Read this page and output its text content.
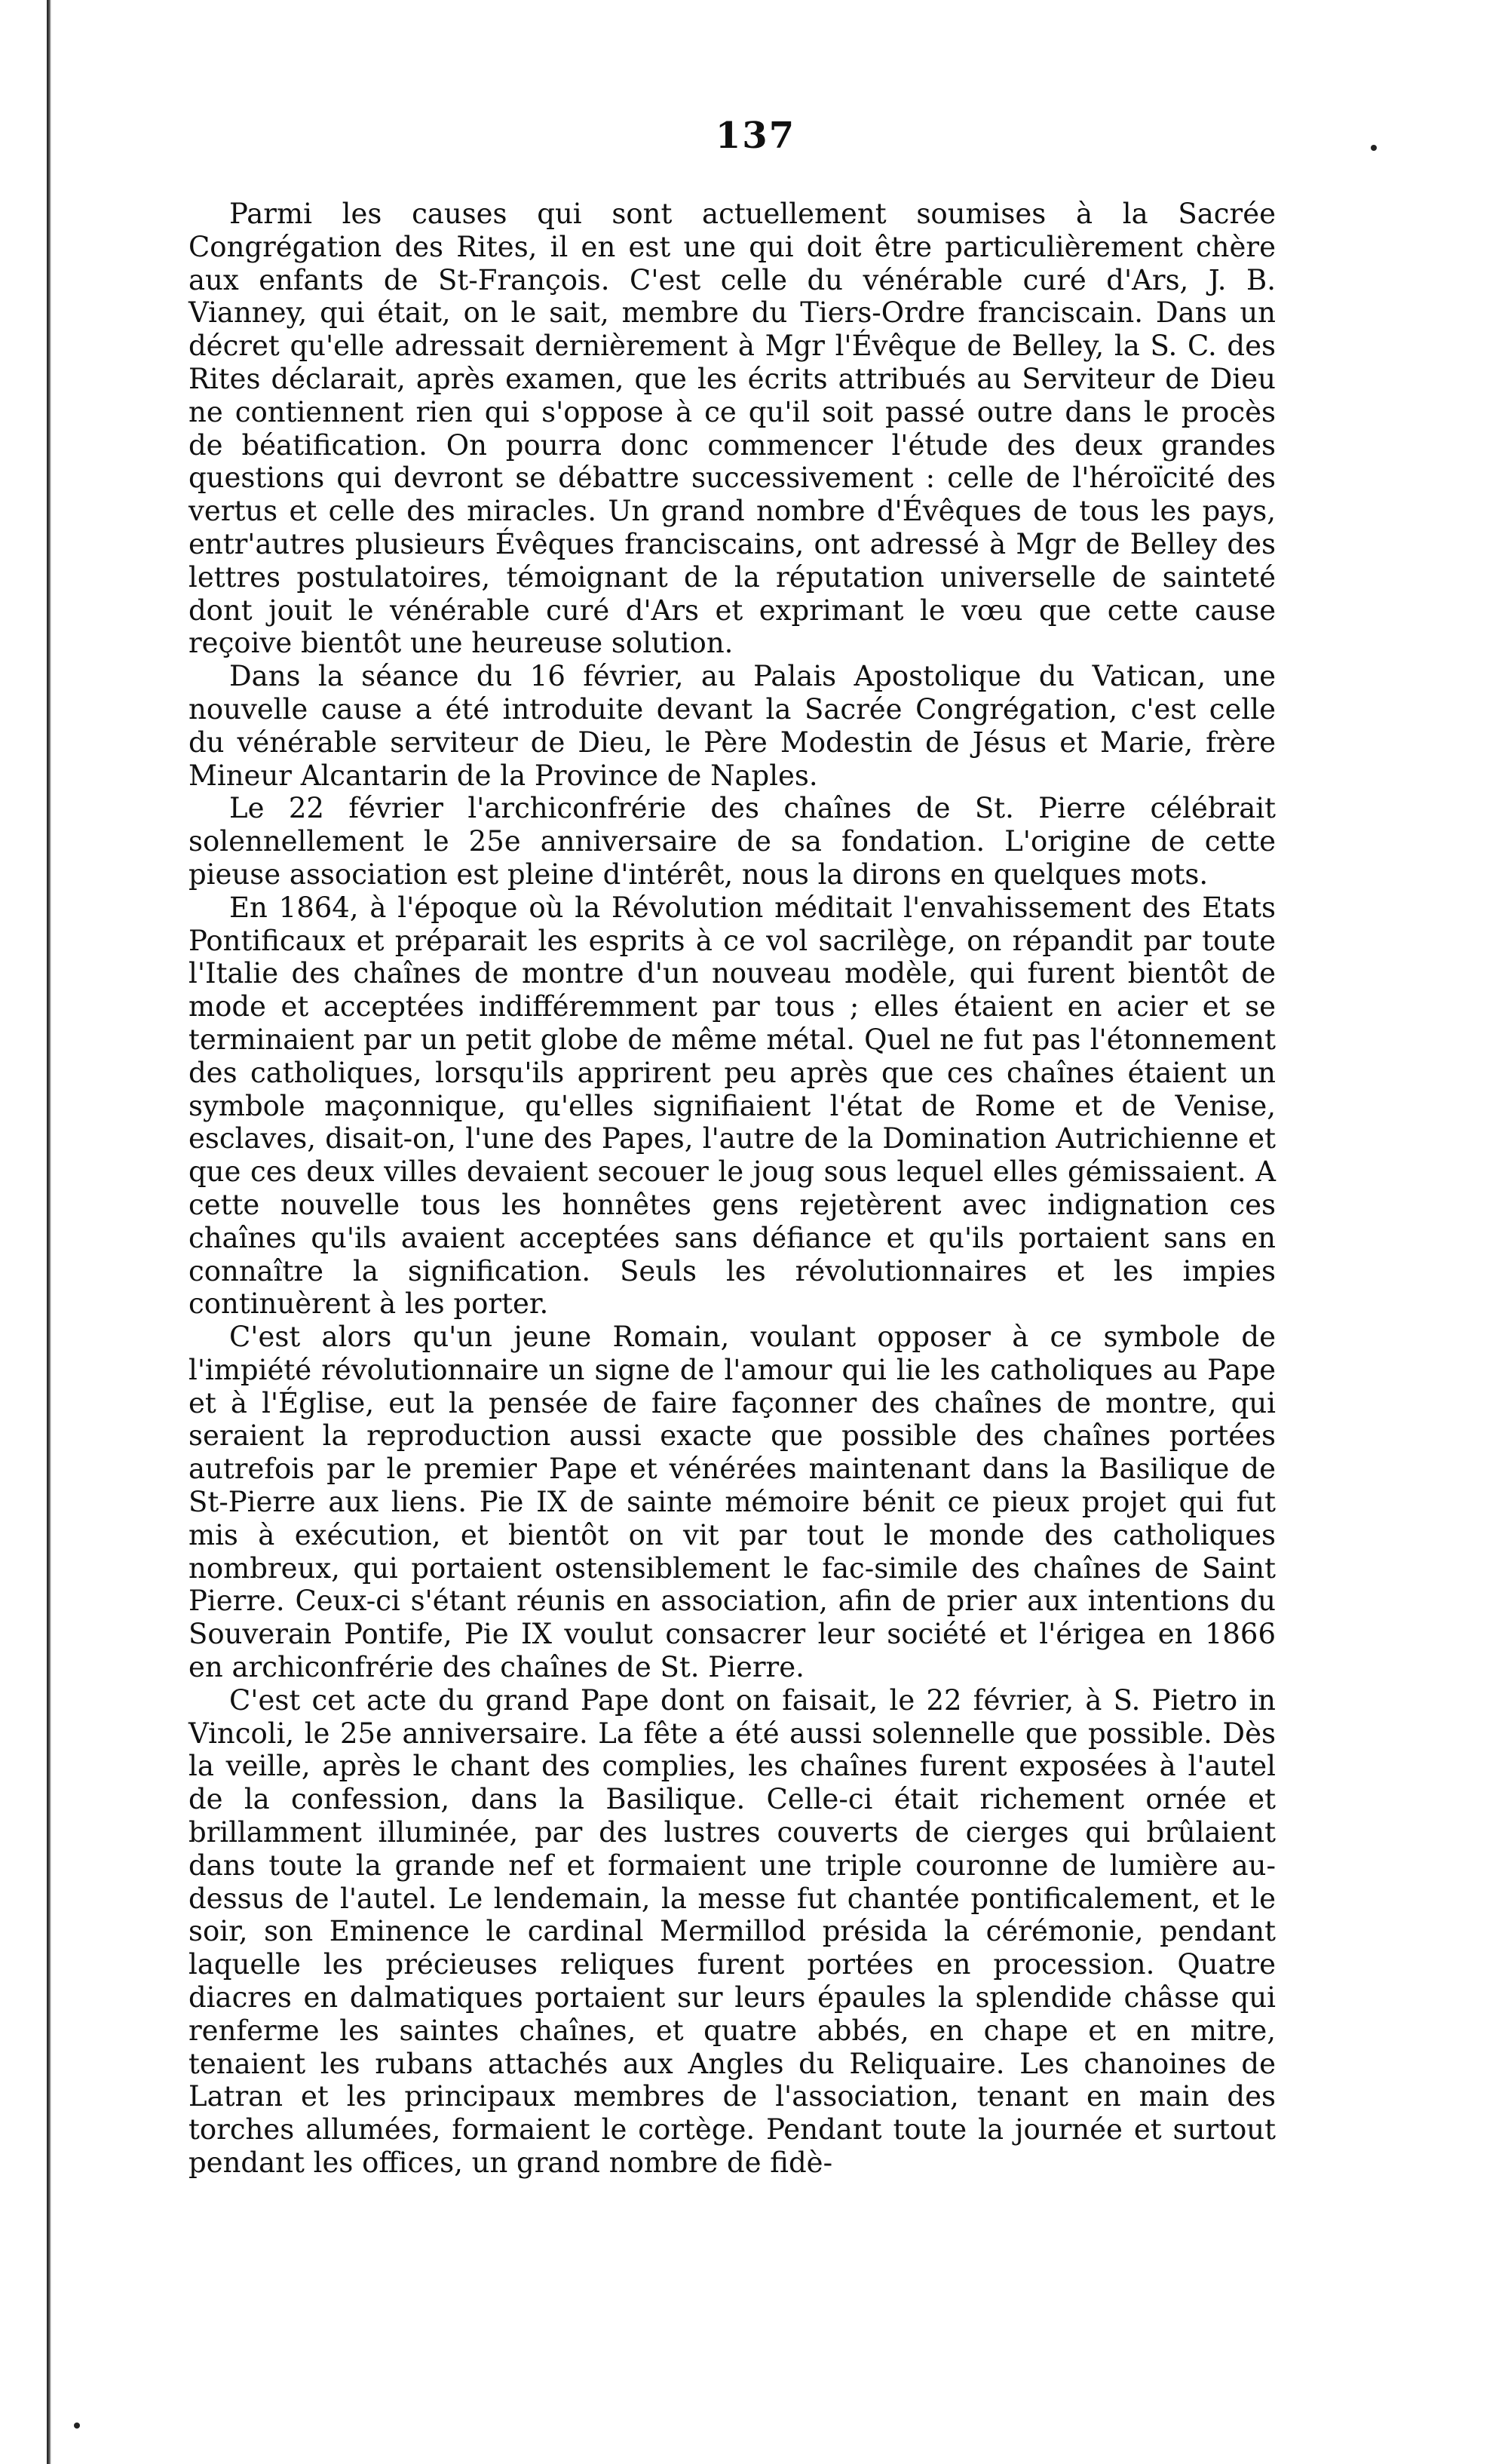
137

Parmi les causes qui sont actuellement soumises à la Sacrée Congrégation des Rites, il en est une qui doit être particulièrement chère aux enfants de St-François. C'est celle du vénérable curé d'Ars, J. B. Vianney, qui était, on le sait, membre du Tiers-Ordre franciscain. Dans un décret qu'elle adressait dernièrement à Mgr l'Évêque de Belley, la S. C. des Rites déclarait, après examen, que les écrits attribués au Serviteur de Dieu ne contiennent rien qui s'oppose à ce qu'il soit passé outre dans le procès de béatification. On pourra donc commencer l'étude des deux grandes questions qui devront se débattre successivement : celle de l'héroïcité des vertus et celle des miracles. Un grand nombre d'Évêques de tous les pays, entr'autres plusieurs Évêques franciscains, ont adressé à Mgr de Belley des lettres postulatoires, témoignant de la réputation universelle de sainteté dont jouit le vénérable curé d'Ars et exprimant le vœu que cette cause reçoive bientôt une heureuse solution.

Dans la séance du 16 février, au Palais Apostolique du Vatican, une nouvelle cause a été introduite devant la Sacrée Congrégation, c'est celle du vénérable serviteur de Dieu, le Père Modestin de Jésus et Marie, frère Mineur Alcantarin de la Province de Naples.

Le 22 février l'archiconfrérie des chaînes de St. Pierre célébrait solennellement le 25e anniversaire de sa fondation. L'origine de cette pieuse association est pleine d'intérêt, nous la dirons en quelques mots.

En 1864, à l'époque où la Révolution méditait l'envahissement des Etats Pontificaux et préparait les esprits à ce vol sacrilège, on répandit par toute l'Italie des chaînes de montre d'un nouveau modèle, qui furent bientôt de mode et acceptées indifféremment par tous ; elles étaient en acier et se terminaient par un petit globe de même métal. Quel ne fut pas l'étonnement des catholiques, lorsqu'ils apprirent peu après que ces chaînes étaient un symbole maçonnique, qu'elles signifiaient l'état de Rome et de Venise, esclaves, disait-on, l'une des Papes, l'autre de la Domination Autrichienne et que ces deux villes devaient secouer le joug sous lequel elles gémissaient. A cette nouvelle tous les honnêtes gens rejetèrent avec indignation ces chaînes qu'ils avaient acceptées sans défiance et qu'ils portaient sans en connaître la signification. Seuls les révolutionnaires et les impies continuèrent à les porter.

C'est alors qu'un jeune Romain, voulant opposer à ce symbole de l'impiété révolutionnaire un signe de l'amour qui lie les catholiques au Pape et à l'Église, eut la pensée de faire façonner des chaînes de montre, qui seraient la reproduction aussi exacte que possible des chaînes portées autrefois par le premier Pape et vénérées maintenant dans la Basilique de St-Pierre aux liens. Pie IX de sainte mémoire bénit ce pieux projet qui fut mis à exécution, et bientôt on vit par tout le monde des catholiques nombreux, qui portaient ostensiblement le fac-simile des chaînes de Saint Pierre. Ceux-ci s'étant réunis en association, afin de prier aux intentions du Souverain Pontife, Pie IX voulut consacrer leur société et l'érigea en 1866 en archiconfrérie des chaînes de St. Pierre.

C'est cet acte du grand Pape dont on faisait, le 22 février, à S. Pietro in Vincoli, le 25e anniversaire. La fête a été aussi solennelle que possible. Dès la veille, après le chant des complies, les chaînes furent exposées à l'autel de la confession, dans la Basilique. Celle-ci était richement ornée et brillamment illuminée, par des lustres couverts de cierges qui brûlaient dans toute la grande nef et formaient une triple couronne de lumière au-dessus de l'autel. Le lendemain, la messe fut chantée pontificalement, et le soir, son Eminence le cardinal Mermillod présida la cérémonie, pendant laquelle les précieuses reliques furent portées en procession. Quatre diacres en dalmatiques portaient sur leurs épaules la splendide châsse qui renferme les saintes chaînes, et quatre abbés, en chape et en mitre, tenaient les rubans attachés aux Angles du Reliquaire. Les chanoines de Latran et les principaux membres de l'association, tenant en main des torches allumées, formaient le cortège. Pendant toute la journée et surtout pendant les offices, un grand nombre de fidè-
